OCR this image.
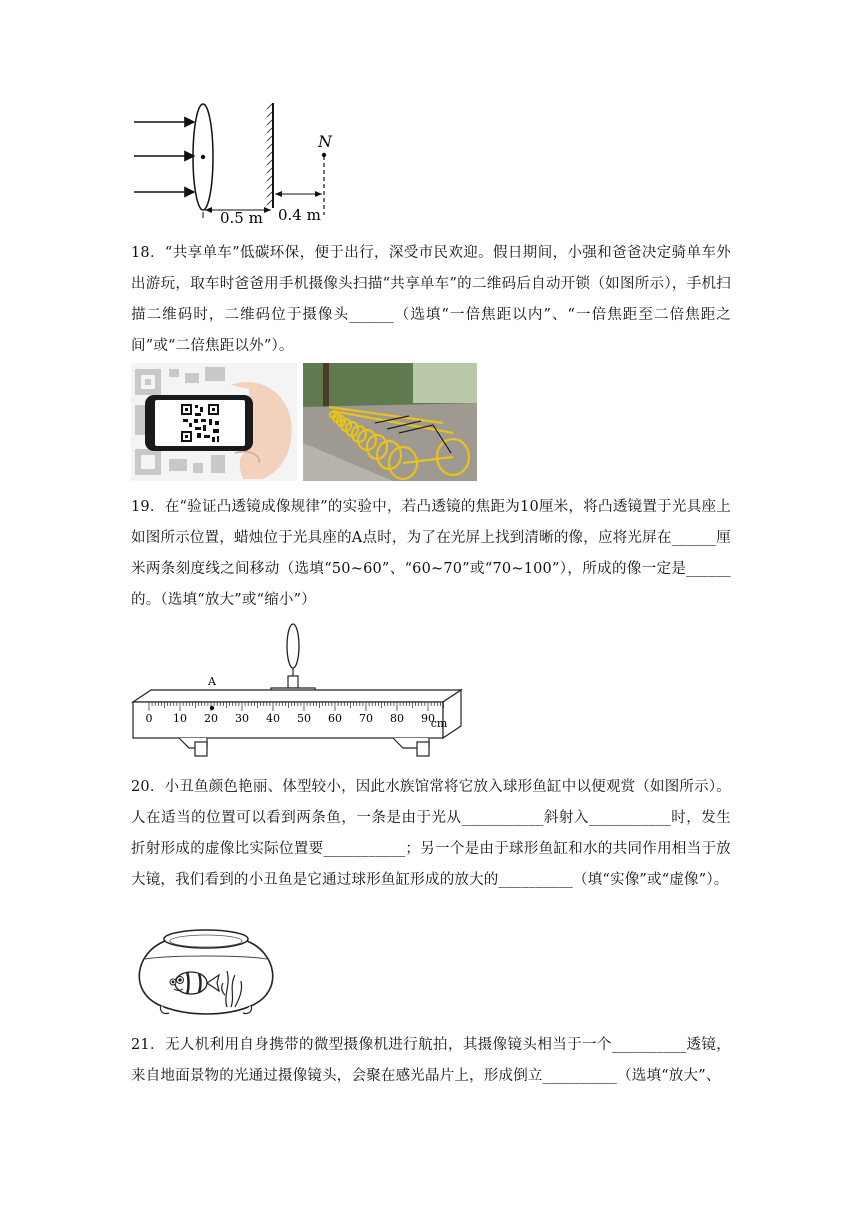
N
0.5 m 0.4 m
18．“共享单车”低碳环保，便于出行，深受市民欢迎。假日期间，小强和爸爸决定骑单车外出游玩，取车时爸爸用手机摄像头扫描“共享单车”的二维码后自动开锁（如图所示），手机扫描二维码时，二维码位于摄像头______（选填“一倍焦距以内”、“一倍焦距至二倍焦距之间”或“二倍焦距以外”）。
19．在“验证凸透镜成像规律”的实验中，若凸透镜的焦距为10厘米，将凸透镜置于光具座上如图所示位置，蜡烛位于光具座的A点时，为了在光屏上找到清晰的像，应将光屏在______厘米两条刻度线之间移动（选填“50~60”、“60~70”或“70~100”），所成的像一定是______的。（选填“放大”或“缩小”）
0 10 20 30 40 50 60 70 80 90
cm
A
20．小丑鱼颜色艳丽、体型较小，因此水族馆常将它放入球形鱼缸中以便观赏（如图所示）。人在适当的位置可以看到两条鱼，一条是由于光从___________斜射入___________时，发生折射形成的虚像比实际位置要___________；另一个是由于球形鱼缸和水的共同作用相当于放大镜，我们看到的小丑鱼是它通过球形鱼缸形成的放大的__________（填“实像”或“虚像”）。
21．无人机利用自身携带的微型摄像机进行航拍，其摄像镜头相当于一个__________透镜，来自地面景物的光通过摄像镜头，会聚在感光晶片上，形成倒立__________（选填“放大”、
